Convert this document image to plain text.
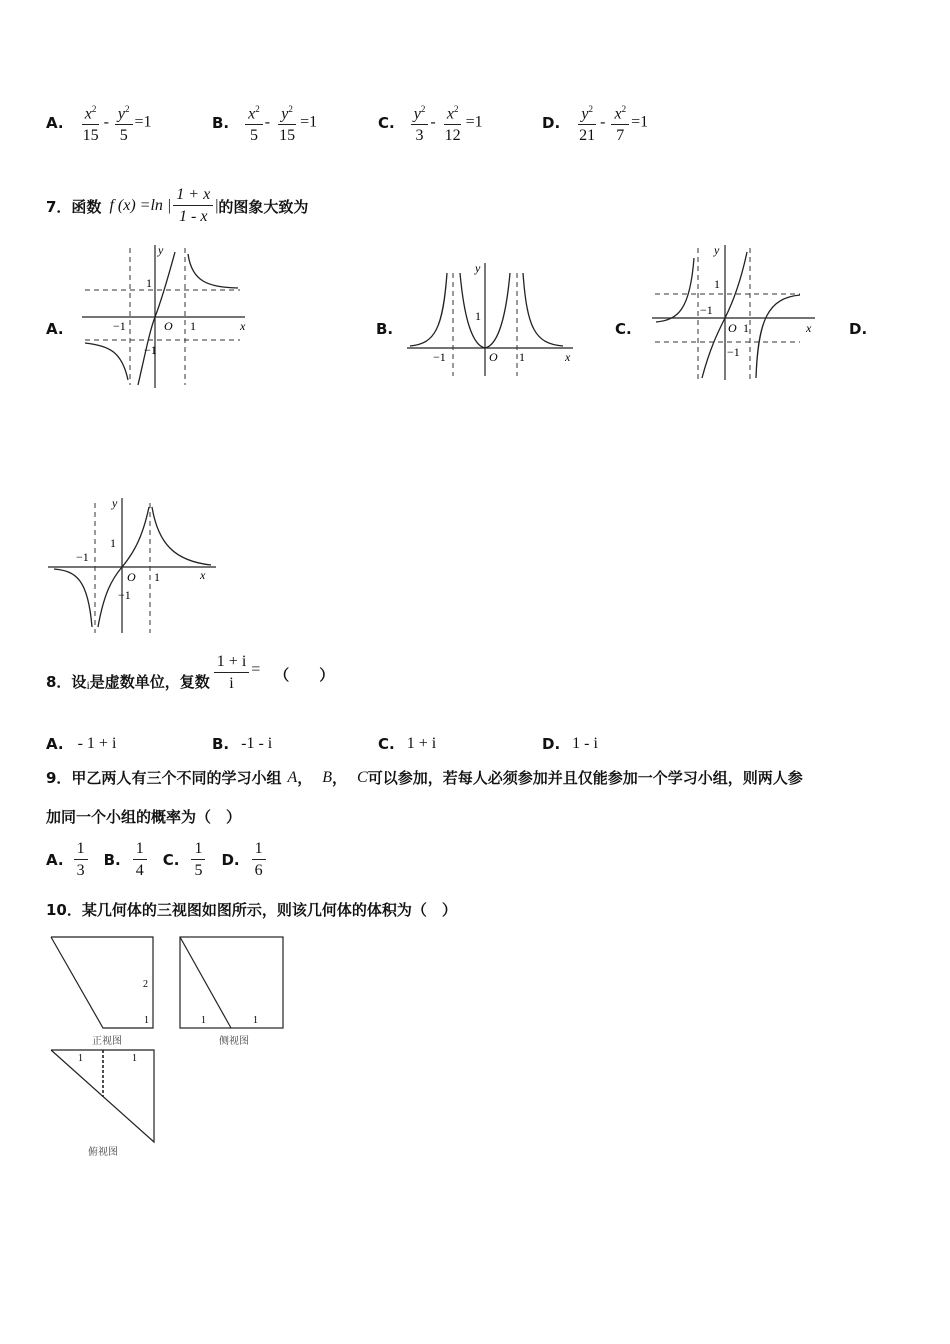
A. $\frac{x^2}{15} - \frac{y^2}{5} =1$	B. $\frac{x^2}{5} - \frac{y^2}{15} =1$	C. $\frac{y^2}{3} - \frac{x^2}{12} =1$	D. $\frac{y^2}{21} - \frac{x^2}{7} =1$
7．函数 f (x) =ln | $\frac{1 + x}{1 - x}$ | 的图象大致为
A.	B.	C.	D.
y
x
O
1
1
−1
−1
y
x
O
1
1
−1
y
x
O
1
1
−1
−1
y
x
O
1
1
−1
−1
8．设 i 是虚数单位，复数 $\frac{1 + i}{i}$ = （　　）
A. - 1 + i	B. -1 - i	C. 1 + i	D. 1 - i
9．甲乙两人有三个不同的学习小组 A ， B ， C 可以参加，若每人必须参加并且仅能参加一个学习小组，则两人参
加同一个小组的概率为（　）
A. $\frac{1}{3} B$. $\frac{1}{4} C$. $\frac{1}{5} D$. $\frac{1}{6}$
10．某几何体的三视图如图所示，则该几何体的体积为（　）
2
1
正视图
1	1
侧视图
1	1
俯视图
